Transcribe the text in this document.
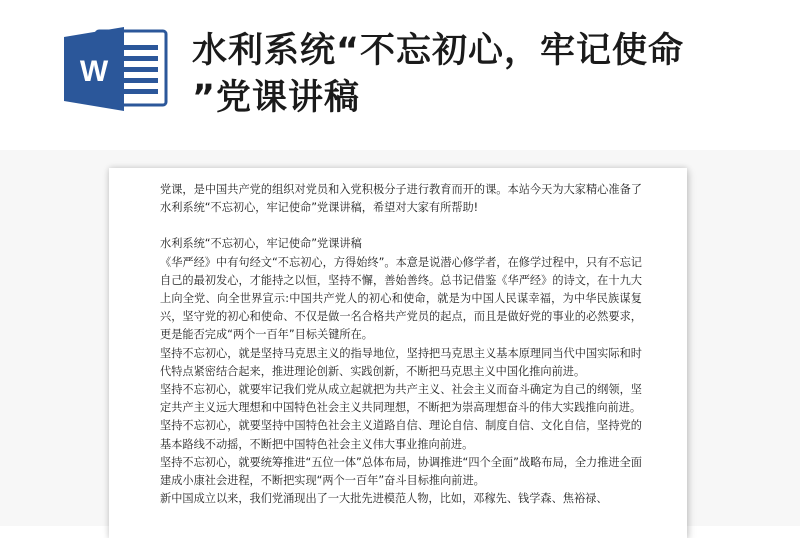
W
水利系统“不忘初心，牢记使命
”党课讲稿

党课，是中国共产党的组织对党员和入党积极分子进行教育而开的课。本站今天为大家精心准备了水利系统“不忘初心，牢记使命”党课讲稿，希望对大家有所帮助!

水利系统“不忘初心，牢记使命”党课讲稿

《华严经》中有句经文“不忘初心，方得始终”。本意是说潜心修学者，在修学过程中，只有不忘记自己的最初发心，才能持之以恒，坚持不懈，善始善终。总书记借鉴《华严经》的诗文，在十九大上向全党、向全世界宣示:中国共产党人的初心和使命，就是为中国人民谋幸福，为中华民族谋复兴，坚守党的初心和使命、不仅是做一名合格共产党员的起点，而且是做好党的事业的必然要求，更是能否完成“两个一百年”目标关键所在。

坚持不忘初心，就是坚持马克思主义的指导地位，坚持把马克思主义基本原理同当代中国实际和时代特点紧密结合起来，推进理论创新、实践创新，不断把马克思主义中国化推向前进。

坚持不忘初心，就要牢记我们党从成立起就把为共产主义、社会主义而奋斗确定为自己的纲领，坚定共产主义远大理想和中国特色社会主义共同理想，不断把为崇高理想奋斗的伟大实践推向前进。

坚持不忘初心，就要坚持中国特色社会主义道路自信、理论自信、制度自信、文化自信，坚持党的基本路线不动摇，不断把中国特色社会主义伟大事业推向前进。

坚持不忘初心，就要统筹推进“五位一体”总体布局，协调推进“四个全面”战略布局，全力推进全面建成小康社会进程，不断把实现“两个一百年”奋斗目标推向前进。

新中国成立以来，我们党涌现出了一大批先进模范人物，比如，邓稼先、钱学森、焦裕禄、
